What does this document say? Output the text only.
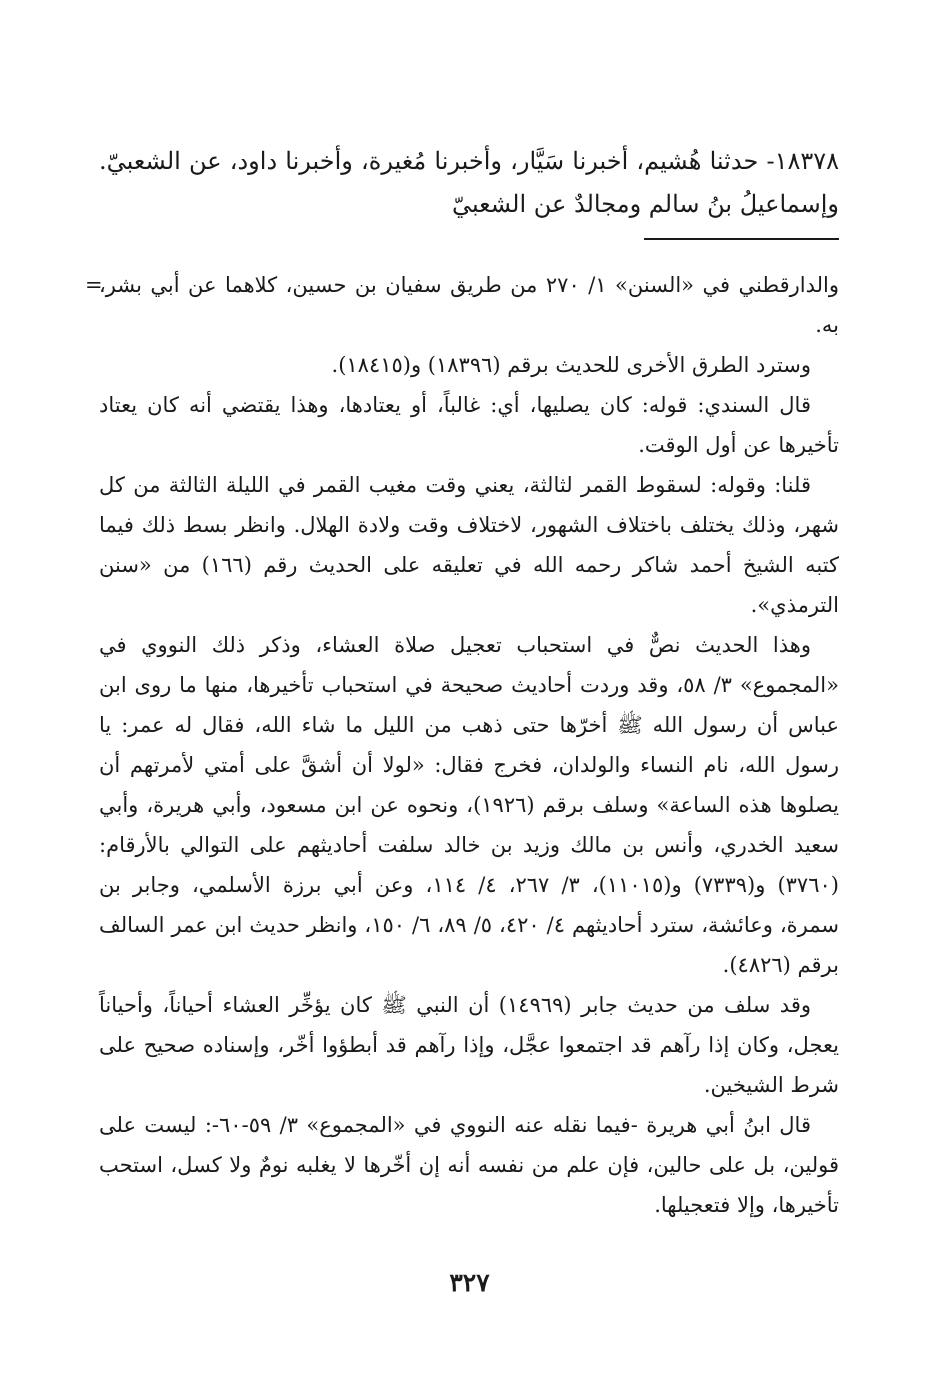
١٨٣٧٨- حدثنا هُشيم، أخبرنا سَيَّار، وأخبرنا مُغيرة، وأخبرنا داود، عن الشعبيّ. وإسماعيلُ بنُ سالم ومجالدٌ عن الشعبيّ

=
والدارقطني في «السنن» ١/ ٢٧٠ من طريق سفيان بن حسين، كلاهما عن أبي بشر، به.

وسترد الطرق الأخرى للحديث برقم (١٨٣٩٦) و(١٨٤١٥).

قال السندي: قوله: كان يصليها، أي: غالباً، أو يعتادها، وهذا يقتضي أنه كان يعتاد تأخيرها عن أول الوقت.

قلنا: وقوله: لسقوط القمر لثالثة، يعني وقت مغيب القمر في الليلة الثالثة من كل شهر، وذلك يختلف باختلاف الشهور، لاختلاف وقت ولادة الهلال. وانظر بسط ذلك فيما كتبه الشيخ أحمد شاكر رحمه الله في تعليقه على الحديث رقم (١٦٦) من «سنن الترمذي».

وهذا الحديث نصٌّ في استحباب تعجيل صلاة العشاء، وذكر ذلك النووي في «المجموع» ٣/ ٥٨، وقد وردت أحاديث صحيحة في استحباب تأخيرها، منها ما روى ابن عباس أن رسول الله ﷺ أخرّها حتى ذهب من الليل ما شاء الله، فقال له عمر: يا رسول الله، نام النساء والولدان، فخرج فقال: «لولا أن أشقَّ على أمتي لأمرتهم أن يصلوها هذه الساعة» وسلف برقم (١٩٢٦)، ونحوه عن ابن مسعود، وأبي هريرة، وأبي سعيد الخدري، وأنس بن مالك وزيد بن خالد سلفت أحاديثهم على التوالي بالأرقام: (٣٧٦٠) و(٧٣٣٩) و(١١٠١٥)، ٣/ ٢٦٧، ٤/ ١١٤، وعن أبي برزة الأسلمي، وجابر بن سمرة، وعائشة، سترد أحاديثهم ٤/ ٤٢٠، ٥/ ٨٩، ٦/ ١٥٠، وانظر حديث ابن عمر السالف برقم (٤٨٢٦).

وقد سلف من حديث جابر (١٤٩٦٩) أن النبي ﷺ كان يؤخِّر العشاء أحياناً، وأحياناً يعجل، وكان إذا رآهم قد اجتمعوا عجَّل، وإذا رآهم قد أبطؤوا أخّر، وإسناده صحيح على شرط الشيخين.

قال ابنُ أبي هريرة -فيما نقله عنه النووي في «المجموع» ٣/ ٥٩-٦٠-: ليست على قولين، بل على حالين، فإن علم من نفسه أنه إن أخّرها لا يغلبه نومٌ ولا كسل، استحب تأخيرها، وإلا فتعجيلها.

٣٢٧
